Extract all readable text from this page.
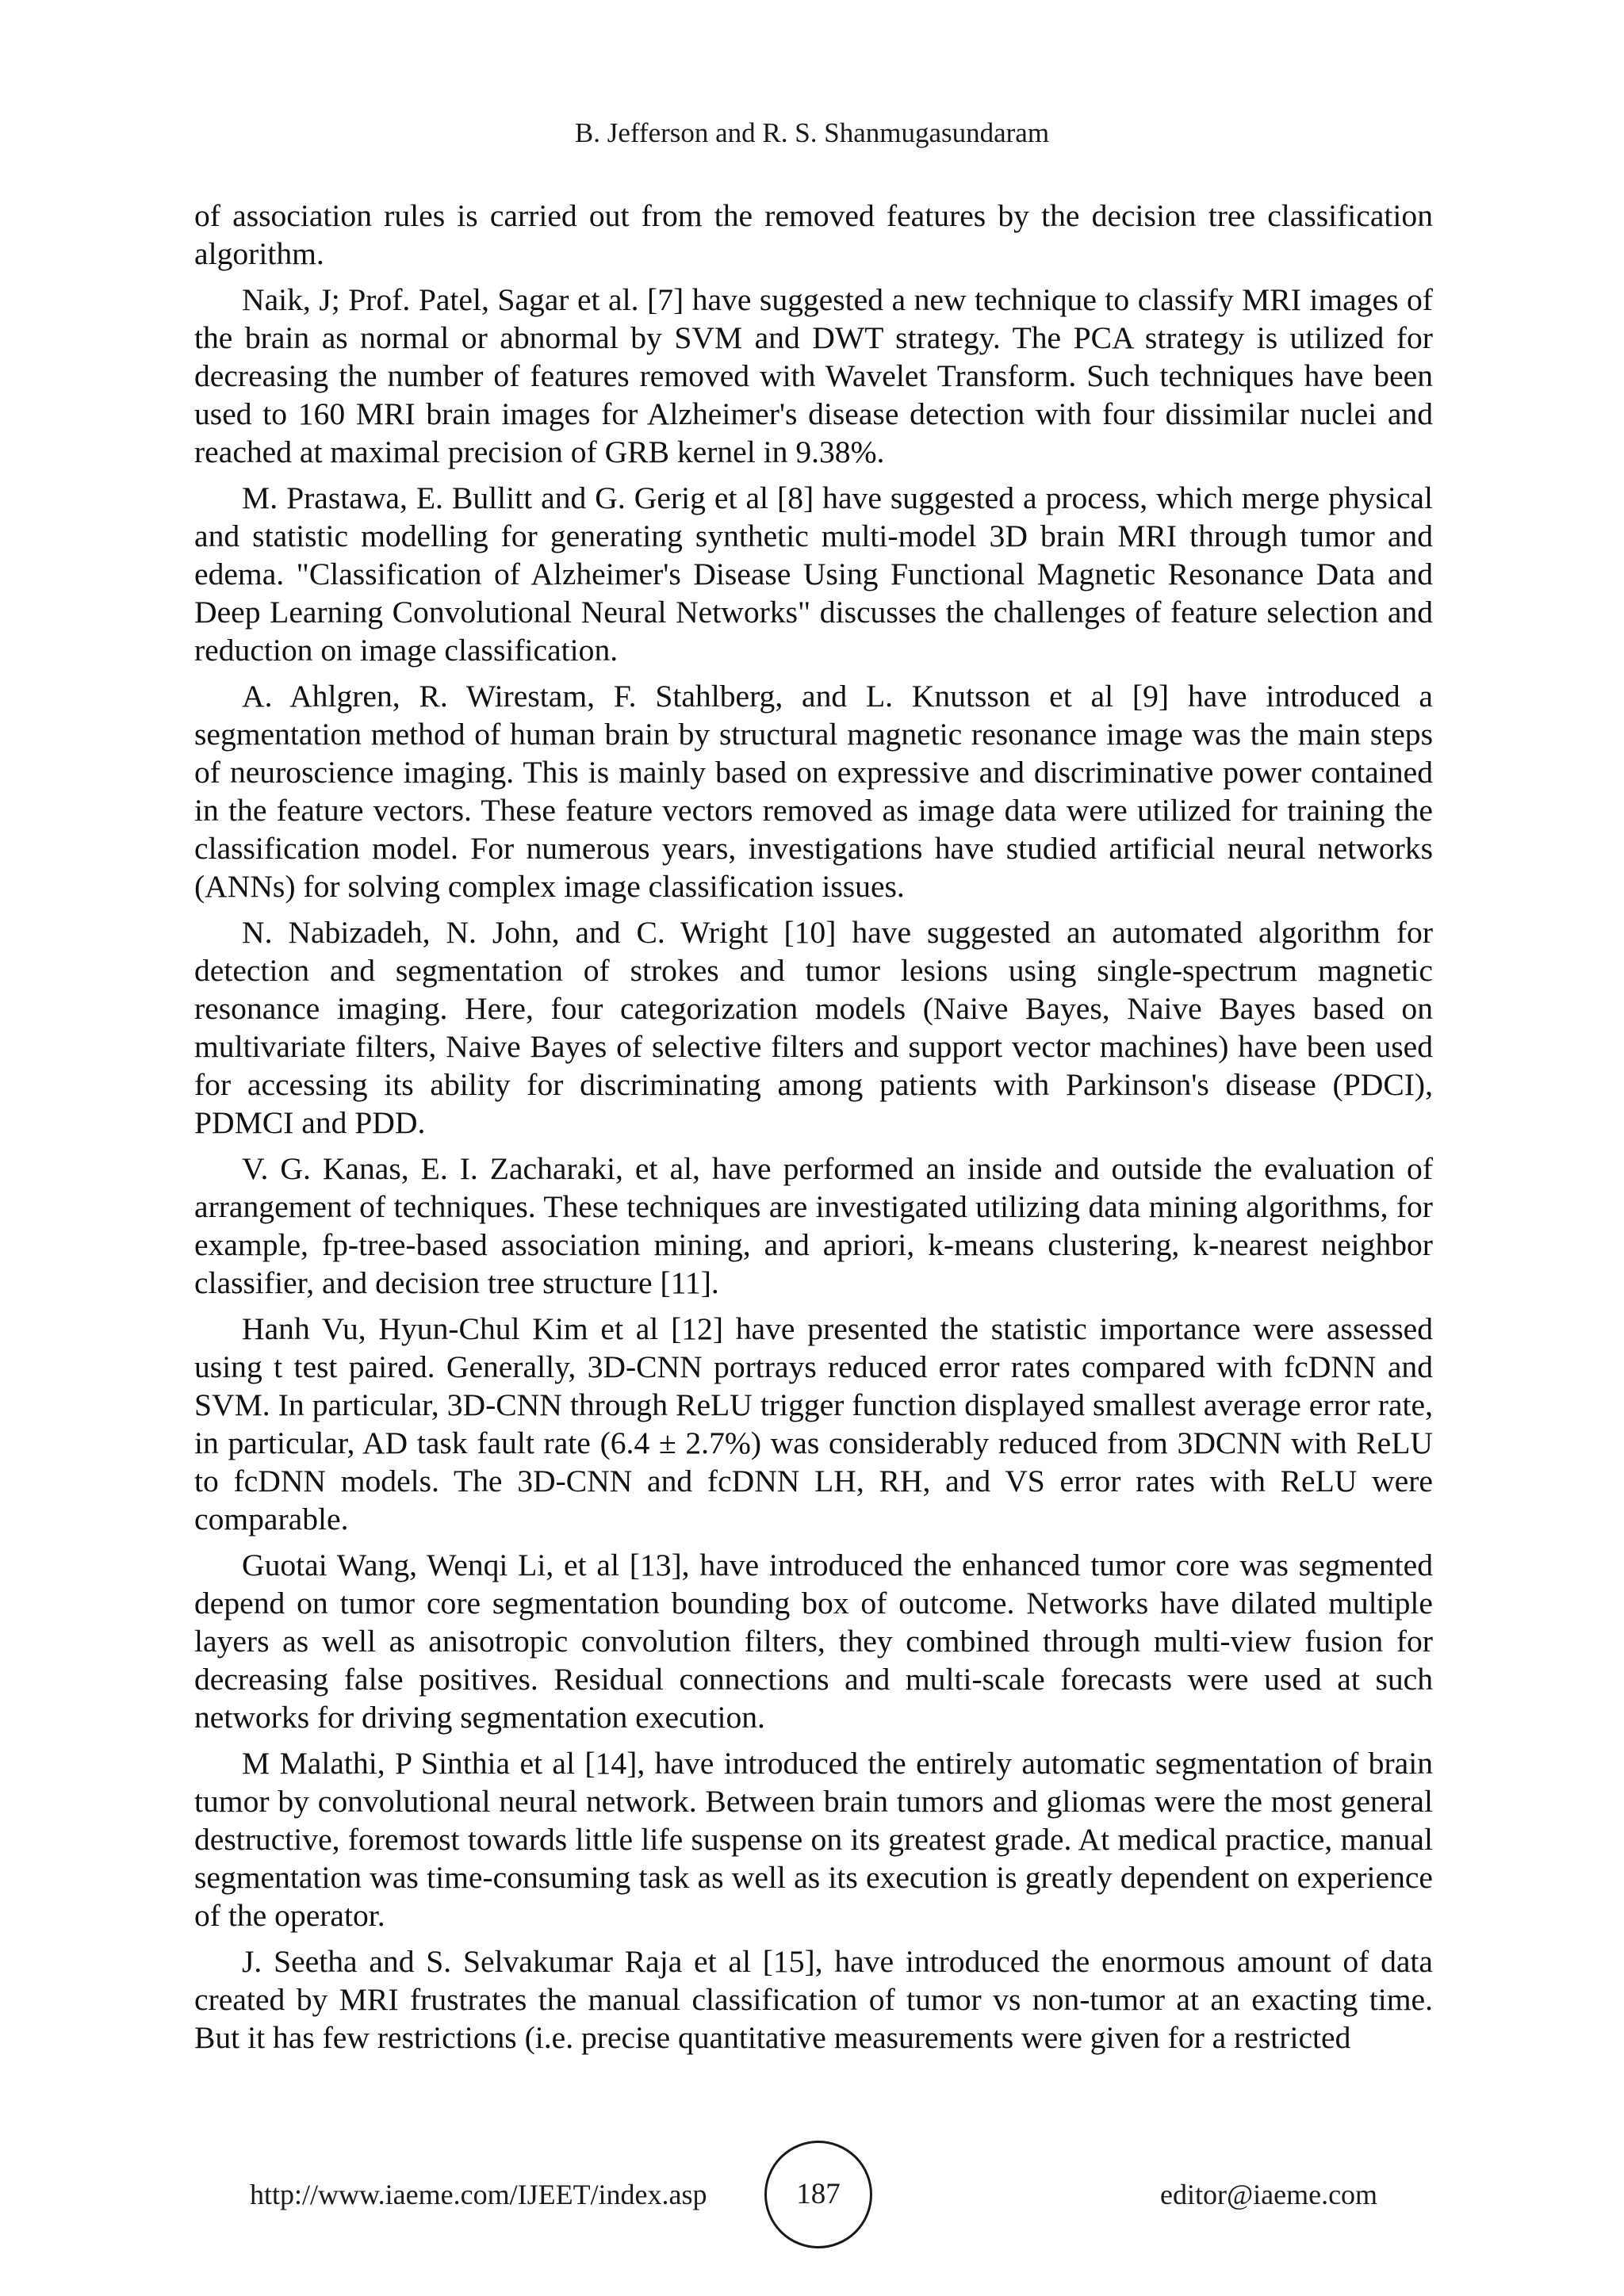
B. Jefferson and R. S. Shanmugasundaram

of association rules is carried out from the removed features by the decision tree classification algorithm.

Naik, J; Prof. Patel, Sagar et al. [7] have suggested a new technique to classify MRI images of the brain as normal or abnormal by SVM and DWT strategy. The PCA strategy is utilized for decreasing the number of features removed with Wavelet Transform. Such techniques have been used to 160 MRI brain images for Alzheimer's disease detection with four dissimilar nuclei and reached at maximal precision of GRB kernel in 9.38%.

M. Prastawa, E. Bullitt and G. Gerig et al [8] have suggested a process, which merge physical and statistic modelling for generating synthetic multi-model 3D brain MRI through tumor and edema. "Classification of Alzheimer's Disease Using Functional Magnetic Resonance Data and Deep Learning Convolutional Neural Networks" discusses the challenges of feature selection and reduction on image classification.

A. Ahlgren, R. Wirestam, F. Stahlberg, and L. Knutsson et al [9] have introduced a segmentation method of human brain by structural magnetic resonance image was the main steps of neuroscience imaging. This is mainly based on expressive and discriminative power contained in the feature vectors. These feature vectors removed as image data were utilized for training the classification model. For numerous years, investigations have studied artificial neural networks (ANNs) for solving complex image classification issues.

N. Nabizadeh, N. John, and C. Wright [10] have suggested an automated algorithm for detection and segmentation of strokes and tumor lesions using single-spectrum magnetic resonance imaging. Here, four categorization models (Naive Bayes, Naive Bayes based on multivariate filters, Naive Bayes of selective filters and support vector machines) have been used for accessing its ability for discriminating among patients with Parkinson's disease (PDCI), PDMCI and PDD.

V. G. Kanas, E. I. Zacharaki, et al, have performed an inside and outside the evaluation of arrangement of techniques. These techniques are investigated utilizing data mining algorithms, for example, fp-tree-based association mining, and apriori, k-means clustering, k-nearest neighbor classifier, and decision tree structure [11].

Hanh Vu, Hyun-Chul Kim et al [12] have presented the statistic importance were assessed using t test paired. Generally, 3D-CNN portrays reduced error rates compared with fcDNN and SVM. In particular, 3D-CNN through ReLU trigger function displayed smallest average error rate, in particular, AD task fault rate (6.4 ± 2.7%) was considerably reduced from 3DCNN with ReLU to fcDNN models. The 3D-CNN and fcDNN LH, RH, and VS error rates with ReLU were comparable.

Guotai Wang, Wenqi Li, et al [13], have introduced the enhanced tumor core was segmented depend on tumor core segmentation bounding box of outcome. Networks have dilated multiple layers as well as anisotropic convolution filters, they combined through multi-view fusion for decreasing false positives. Residual connections and multi-scale forecasts were used at such networks for driving segmentation execution.

M Malathi, P Sinthia et al [14], have introduced the entirely automatic segmentation of brain tumor by convolutional neural network. Between brain tumors and gliomas were the most general destructive, foremost towards little life suspense on its greatest grade. At medical practice, manual segmentation was time-consuming task as well as its execution is greatly dependent on experience of the operator.

J. Seetha and S. Selvakumar Raja et al [15], have introduced the enormous amount of data created by MRI frustrates the manual classification of tumor vs non-tumor at an exacting time. But it has few restrictions (i.e. precise quantitative measurements were given for a restricted

http://www.iaeme.com/IJEET/index.asp	187	editor@iaeme.com
